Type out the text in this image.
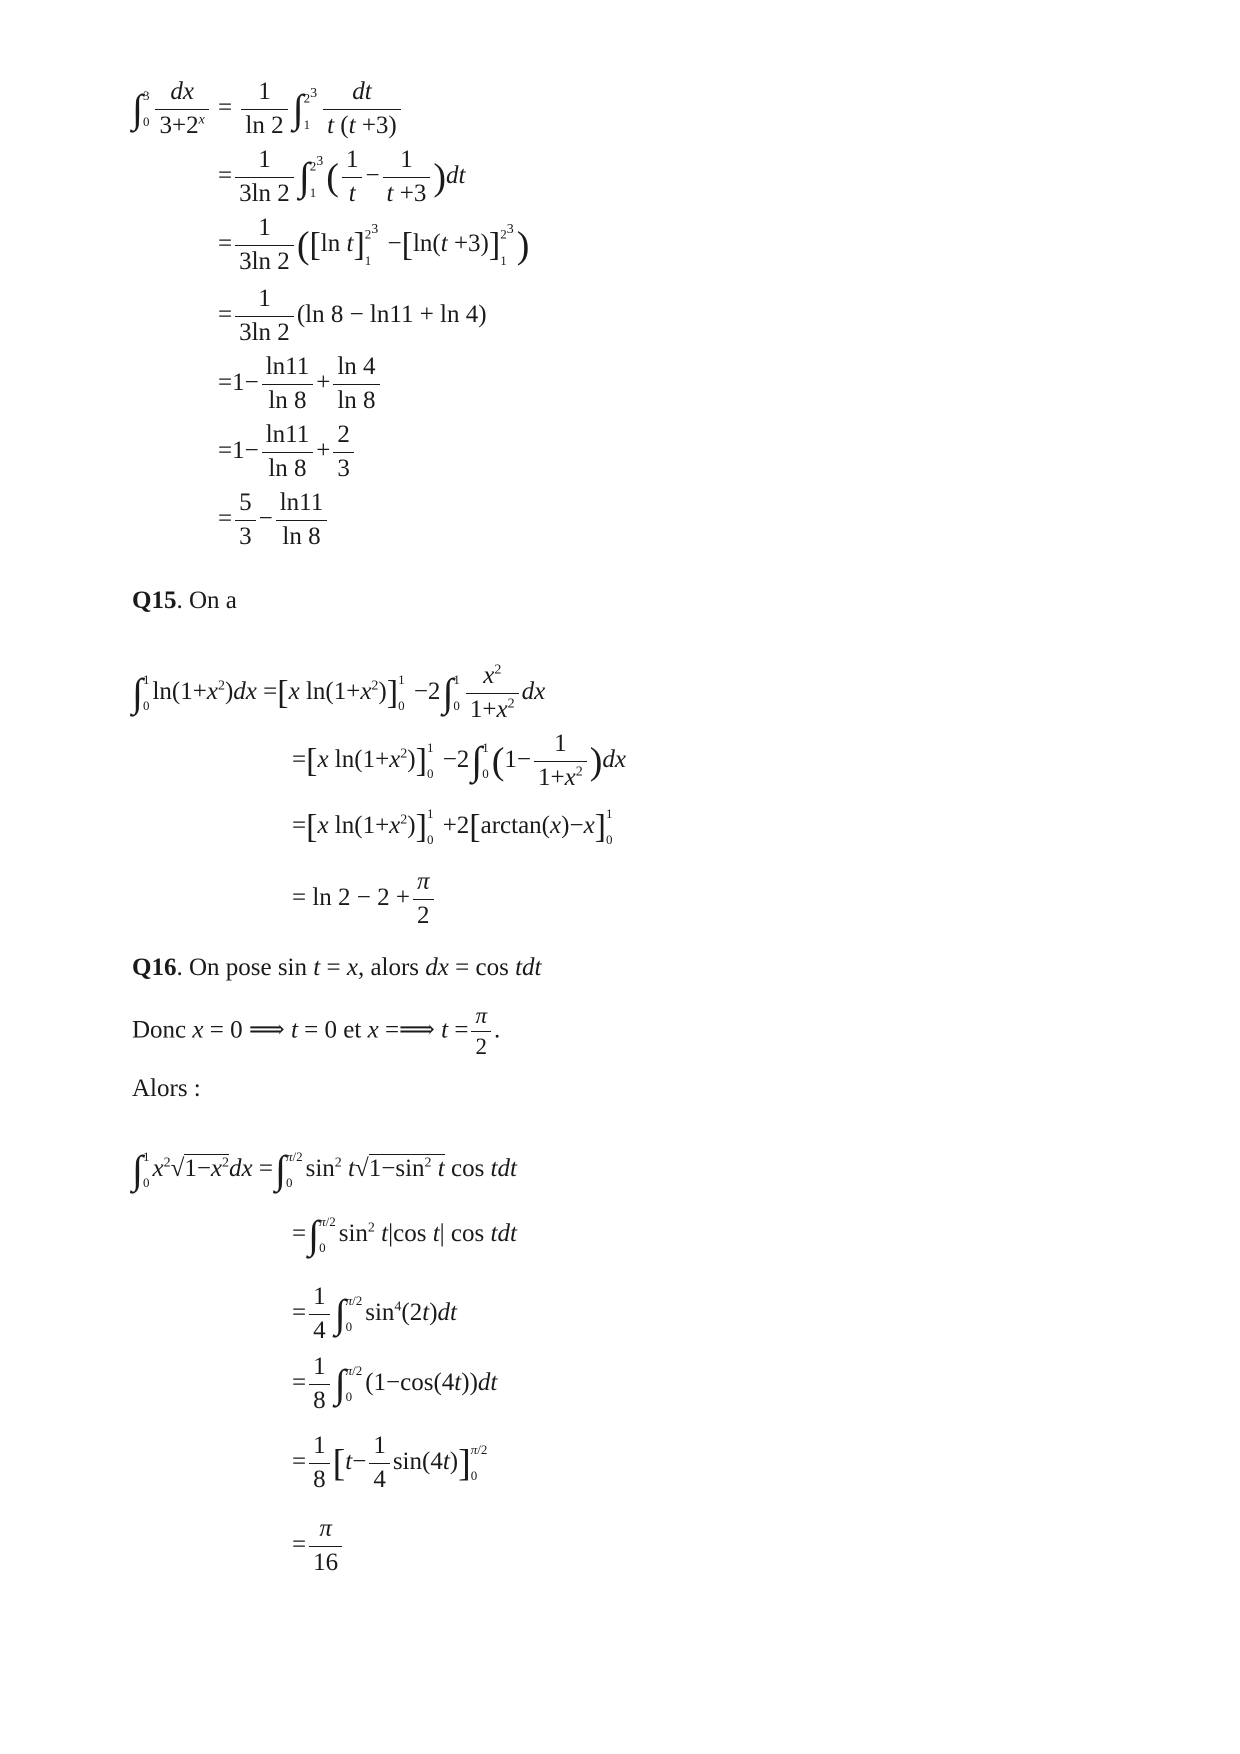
∫ 3
$0 \frac{dx}{3+2^x} = \frac{1}{\ln 2}$ ∫ $2^3$
$1 \frac{dt}{t (t +3)}$
= $\frac{1}{3\ln 2}$ ∫ $2^3$
1 ( $\frac{1}{t} - \frac{1}{t +3} )dt$
= $\frac{1}{3\ln 2} ([\ln$ t] $2^3$
1
−[ln(t +3)] $2^3$
1 )
= $\frac{1}{3\ln 2} (\ln$ 8 − ln11 + ln 4)
$=1- \frac{\ln 11}{\ln 8} + \frac{\ln 4}{\ln 8}$
$=1- \frac{\ln 11}{\ln 8} + \frac{2}{3}$
= $\frac{5}{3} - \frac{\ln 11}{\ln 8}$
Q15. On a
∫ 1
0
$\ln(1+x^2)dx =[x$ $\ln(1+x^2)$] 1
0
−2∫ 1
$0 \frac{x^2}{1+x^2}$ dx
=[x $\ln(1+x^2)$] 1
0
−2∫ 1
0 $(1- \frac{1}{1+x^2} )dx$
=[x $\ln(1+x^2)$] 1
0
+2[arctan(x)−x] 1
0
= $\ln 2 - 2 + \frac{\pi}{2}$
Q16. On pose sin t = x, alors dx = cos tdt
Donc x = 0 ⟹ t = 0 et x =⟹ $t = \frac{\pi}{2}$ .
Alors :
∫ 1
0
$x^2√1-x^2dx$ =∫ π/2
0
$\sin^2 t√1-\sin^2$ t cos tdt
=∫ π/2
0
$\sin^2 t|\cos$ t| cos tdt
= $\frac{1}{4}$ ∫ π/2
0
$\sin^4(2t)dt$
= $\frac{1}{8}$ ∫ π/2
0
(1−cos(4t))dt
= $\frac{1}{8} [t- \frac{1}{4} \sin(4t)]$ π/2
0
= $\frac{\pi}{16}$
